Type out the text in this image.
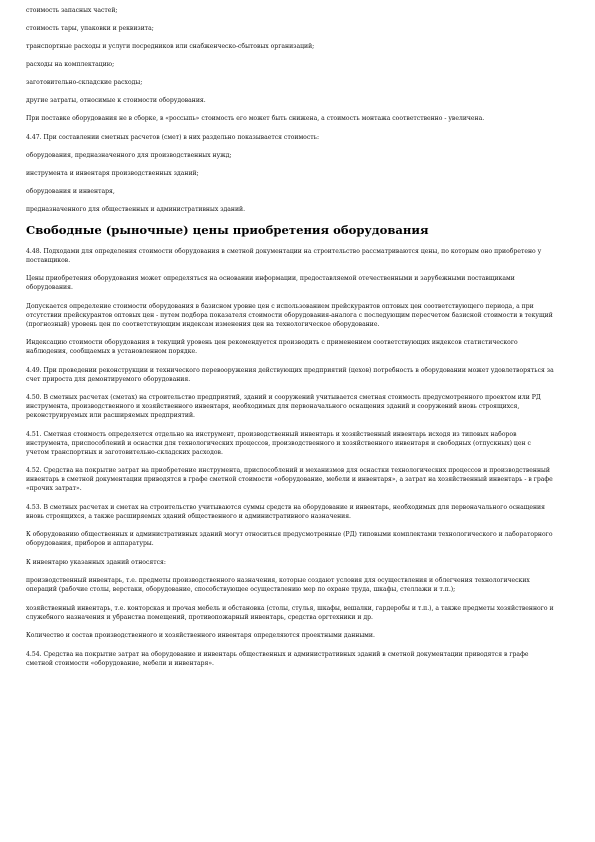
стоимость запасных частей;

стоимость тары, упаковки и реквизита;

транспортные расходы и услуги посредников или снабженческо-сбытовых организаций;

расходы на комплектацию;

заготовительно-складские расходы;

другие затраты, относимые к стоимости оборудования.

При поставке оборудования не в сборке, в «россыпь» стоимость его может быть снижена, а стоимость монтажа соответственно - увеличена.

4.47. При составлении сметных расчетов (смет) в них раздельно показывается стоимость:

оборудования, предназначенного для производственных нужд;

инструмента и инвентаря производственных зданий;

оборудования и инвентаря,

предназначенного для общественных и административных зданий.

Свободные (рыночные) цены приобретения оборудования

4.48. Подходами для определения стоимости оборудования в сметной документации на строительство рассматриваются цены, по которым оно приобретено у поставщиков.

Цены приобретения оборудования может определяться на основании информации, предоставляемой отечественными и зарубежными поставщиками оборудования.

Допускается определение стоимости оборудования в базисном уровне цен с использованием прейскурантов оптовых цен соответствующего периода, а при отсутствии прейскурантов оптовых цен - путем подбора показателя стоимости оборудования-аналога с последующим пересчетом базисной стоимости в текущий (прогнозный) уровень цен по соответствующим индексам изменения цен на технологическое оборудование.

Индексацию стоимости оборудования в текущий уровень цен рекомендуется производить с применением соответствующих индексов статистического наблюдения, сообщаемых в установленном порядке.

4.49. При проведении реконструкции и технического перевооружения действующих предприятий (цехов) потребность в оборудовании может удовлетворяться за счет прироста для демонтируемого оборудования.

4.50. В сметных расчетах (сметах) на строительство предприятий, зданий и сооружений учитывается сметная стоимость предусмотренного проектом или РД инструмента, производственного и хозяйственного инвентаря, необходимых для первоначального оснащения зданий и сооружений вновь строящихся, реконструируемых или расширяемых предприятий.

4.51. Сметная стоимость определяется отдельно на инструмент, производственный инвентарь и хозяйственный инвентарь исходя из типовых наборов инструмента, приспособлений и оснастки для технологических процессов, производственного и хозяйственного инвентаря и свободных (отпускных) цен с учетом транспортных и заготовительно-складских расходов.

4.52. Средства на покрытие затрат на приобретение инструмента, приспособлений и механизмов для оснастки технологических процессов и производственный инвентарь в сметной документации приводятся в графе сметной стоимости «оборудование, мебели и инвентаря», а затрат на хозяйственный инвентарь - в графе «прочих затрат».

4.53. В сметных расчетах и сметах на строительство учитываются суммы средств на оборудование и инвентарь, необходимых для первоначального оснащения вновь строящихся, а также расширяемых зданий общественного и административного назначения.

К оборудованию общественных и административных зданий могут относиться предусмотренные (РД) типовыми комплектами технологического и лабораторного оборудования, приборов и аппаратуры.

К инвентарю указанных зданий относятся:

производственный инвентарь, т.е. предметы производственного назначения, которые создают условия для осуществления и облегчения технологических операций (рабочие столы, верстаки, оборудование, способствующее осуществлению мер по охране труда, шкафы, стеллажи и т.п.);

хозяйственный инвентарь, т.е. конторская и прочая мебель и обстановка (столы, стулья, шкафы, вешалки, гардеробы и т.п.), а также предметы хозяйственного и служебного назначения и убранства помещений, противопожарный инвентарь, средства оргтехники и др.

Количество и состав производственного и хозяйственного инвентаря определяются проектными данными.

4.54. Средства на покрытие затрат на оборудование и инвентарь общественных и административных зданий в сметной документации приводятся в графе сметной стоимости «оборудование, мебели и инвентаря».
